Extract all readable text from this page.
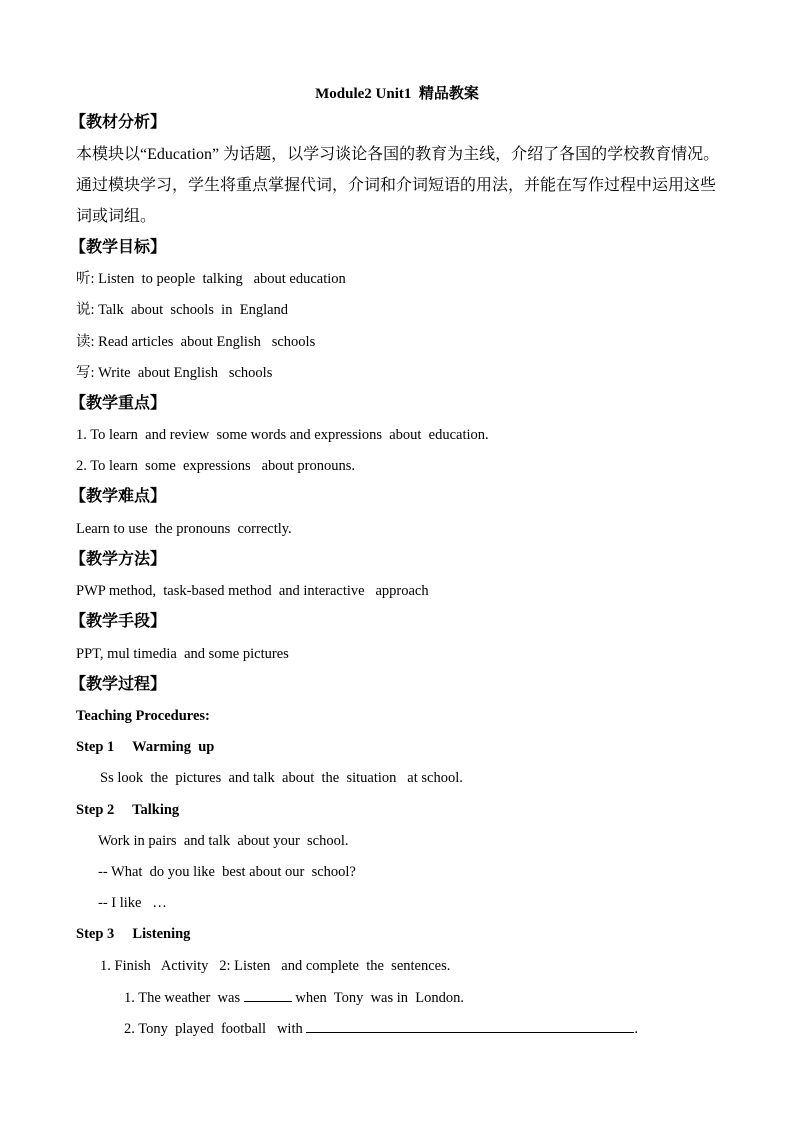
Module2 Unit1  精品教案
【教材分析】
本模块以“Education” 为话题，以学习谈论各国的教育为主线，介绍了各国的学校教育情况。
通过模块学习，学生将重点掌握代词，介词和介词短语的用法，并能在写作过程中运用这些
词或词组。
【教学目标】
听: Listen  to people  talking   about education
说: Talk  about  schools  in  England
读: Read articles  about English   schools
写: Write  about English   schools
【教学重点】
1. To learn  and review  some words and expressions  about  education.
2. To learn  some  expressions   about pronouns.
【教学难点】
Learn to use  the pronouns  correctly.
【教学方法】
PWP method,  task-based method  and interactive   approach
【教学手段】
PPT, mul timedia  and some pictures
【教学过程】
Teaching Procedures:
Step 1     Warming  up
Ss look  the  pictures  and talk  about  the  situation   at school.
Step 2     Talking
Work in pairs  and talk  about your  school.
-- What  do you like  best about our  school?
-- I like   …
Step 3     Listening
1. Finish   Activity   2: Listen   and complete  the  sentences.
1. The weather  was	when  Tony  was in  London.
2. Tony  played  football   with	.
